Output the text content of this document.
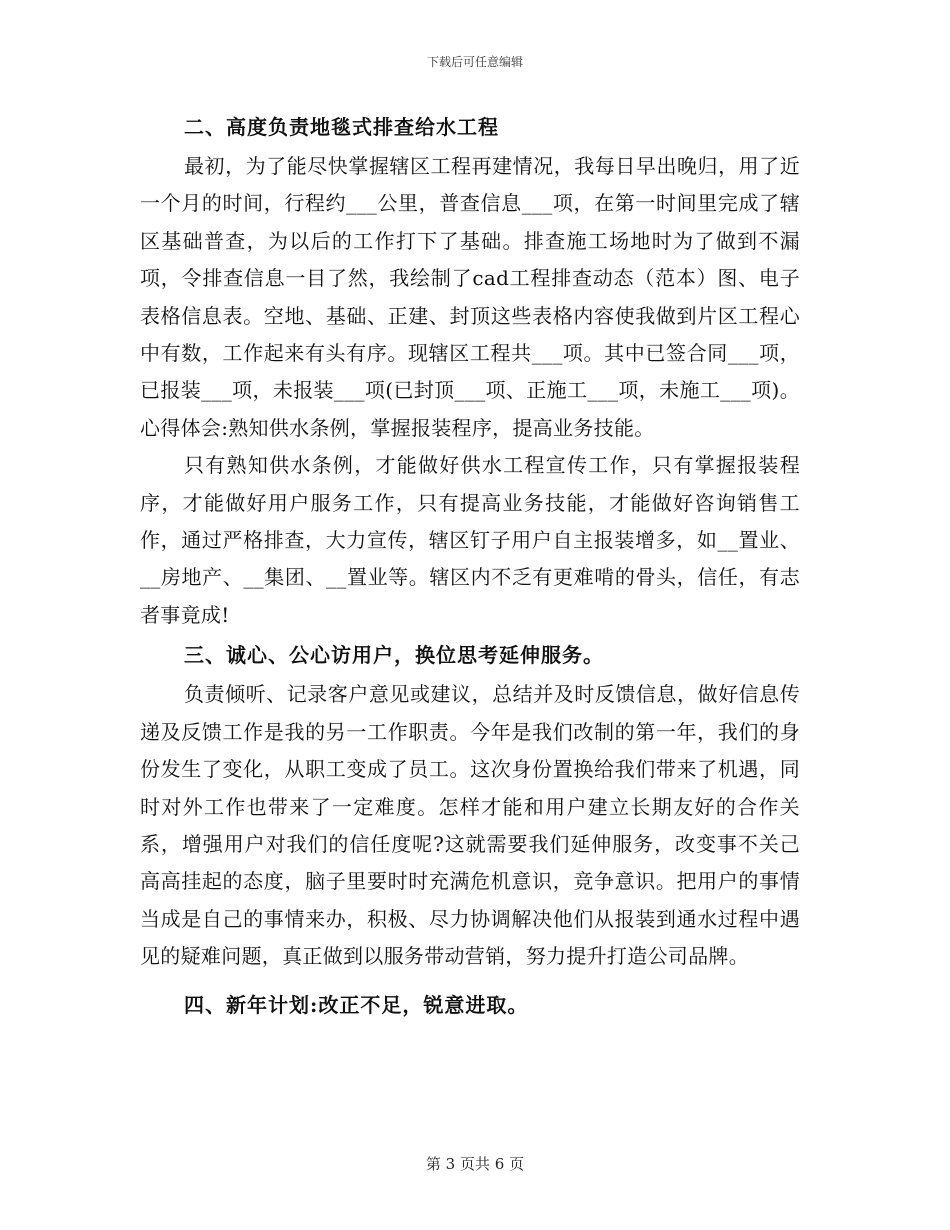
下载后可任意编辑
二、高度负责地毯式排查给水工程

最初，为了能尽快掌握辖区工程再建情况，我每日早出晚归，用了近一个月的时间，行程约___公里，普查信息___项，在第一时间里完成了辖区基础普查，为以后的工作打下了基础。排查施工场地时为了做到不漏项，令排查信息一目了然，我绘制了cad工程排查动态（范本）图、电子表格信息表。空地、基础、正建、封顶这些表格内容使我做到片区工程心中有数，工作起来有头有序。现辖区工程共___项。其中已签合同___项，已报装___项，未报装___项(已封顶___项、正施工___项，未施工___项)。心得体会:熟知供水条例，掌握报装程序，提高业务技能。

只有熟知供水条例，才能做好供水工程宣传工作，只有掌握报装程序，才能做好用户服务工作，只有提高业务技能，才能做好咨询销售工作，通过严格排查，大力宣传，辖区钉子用户自主报装增多，如__置业、__房地产、__集团、__置业等。辖区内不乏有更难啃的骨头，信任，有志者事竟成!

三、诚心、公心访用户，换位思考延伸服务。

负责倾听、记录客户意见或建议，总结并及时反馈信息，做好信息传递及反馈工作是我的另一工作职责。今年是我们改制的第一年，我们的身份发生了变化，从职工变成了员工。这次身份置换给我们带来了机遇，同时对外工作也带来了一定难度。怎样才能和用户建立长期友好的合作关系，增强用户对我们的信任度呢?这就需要我们延伸服务，改变事不关己高高挂起的态度，脑子里要时时充满危机意识，竞争意识。把用户的事情当成是自己的事情来办，积极、尽力协调解决他们从报装到通水过程中遇见的疑难问题，真正做到以服务带动营销，努力提升打造公司品牌。

四、新年计划:改正不足，锐意进取。
第 3 页共 6 页
